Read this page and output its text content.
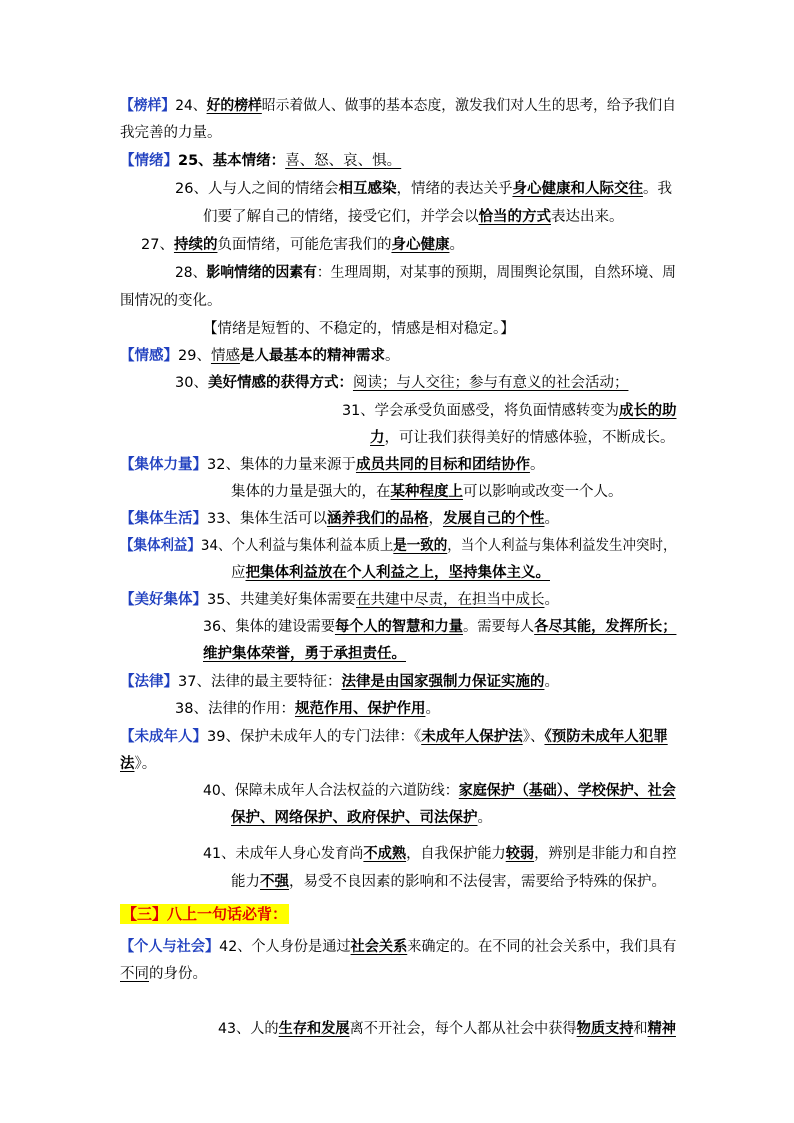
【榜样】24、好的榜样昭示着做人、做事的基本态度，激发我们对人生的思考，给予我们自
我完善的力量。
【情绪】25、基本情绪：喜、怒、哀、惧。
26、人与人之间的情绪会相互感染，情绪的表达关乎身心健康和人际交往。我
们要了解自己的情绪，接受它们，并学会以恰当的方式表达出来。
27、持续的负面情绪，可能危害我们的身心健康。
28、影响情绪的因素有：生理周期，对某事的预期，周围舆论氛围，自然环境、周
围情况的变化。
【情绪是短暂的、不稳定的，情感是相对稳定。】
【情感】29、情感是人最基本的精神需求。
30、美好情感的获得方式：阅读；与人交往；参与有意义的社会活动；
31、学会承受负面感受，将负面情感转变为成长的助
力，可让我们获得美好的情感体验，不断成长。
【集体力量】32、集体的力量来源于成员共同的目标和团结协作。
集体的力量是强大的，在某种程度上可以影响或改变一个人。
【集体生活】33、集体生活可以涵养我们的品格，发展自己的个性。
【集体利益】34、个人利益与集体利益本质上是一致的，当个人利益与集体利益发生冲突时，
应把集体利益放在个人利益之上，坚持集体主义。
【美好集体】35、共建美好集体需要在共建中尽责，在担当中成长。
36、集体的建设需要每个人的智慧和力量。需要每人各尽其能，发挥所长；
维护集体荣誉，勇于承担责任。
【法律】37、法律的最主要特征：法律是由国家强制力保证实施的。
38、法律的作用：规范作用、保护作用。
【未成年人】39、保护未成年人的专门法律：《未成年人保护法》、《预防未成年人犯罪
法》。
40、保障未成年人合法权益的六道防线：家庭保护（基础）、学校保护、社会
保护、网络保护、政府保护、司法保护。
41、未成年人身心发育尚不成熟，自我保护能力较弱，辨别是非能力和自控
能力不强，易受不良因素的影响和不法侵害，需要给予特殊的保护。
【三】八上一句话必背：
【个人与社会】42、个人身份是通过社会关系来确定的。在不同的社会关系中，我们具有
不同的身份。
43、人的生存和发展离不开社会，每个人都从社会中获得物质支持和精神
